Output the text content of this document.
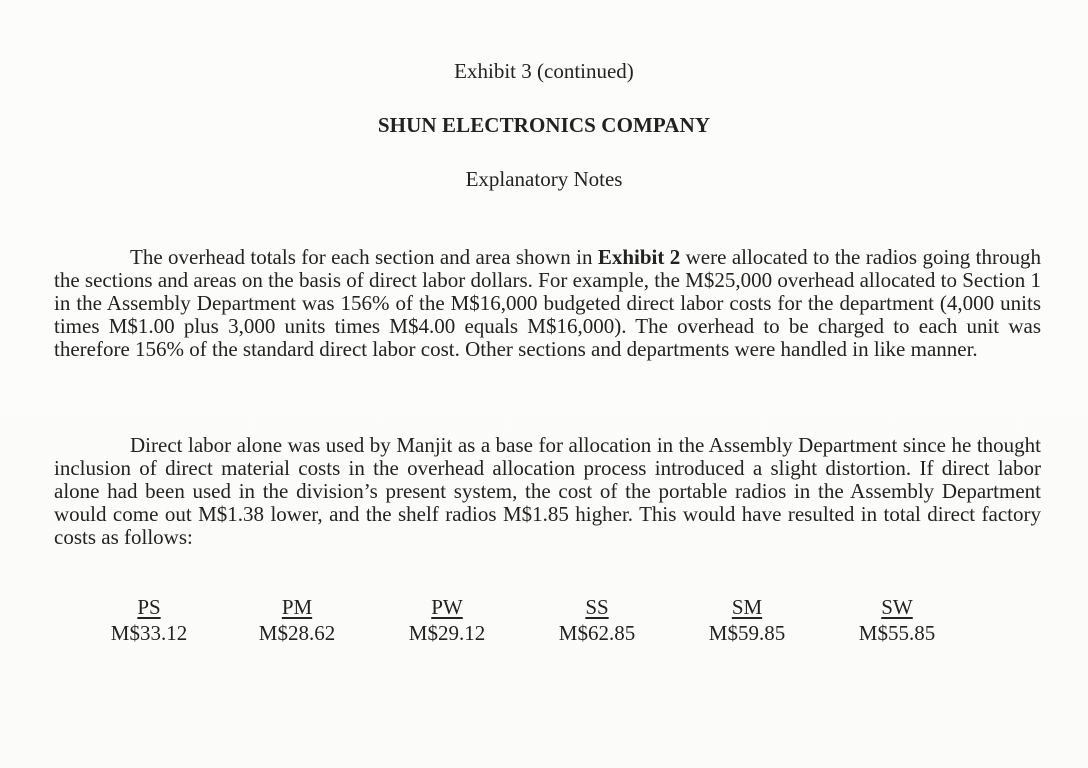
Exhibit 3 (continued)
SHUN ELECTRONICS COMPANY
Explanatory Notes

The overhead totals for each section and area shown in Exhibit 2 were allocated to the radios going through the sections and areas on the basis of direct labor dollars. For example, the M$25,000 overhead allocated to Section 1 in the Assembly Department was 156% of the M$16,000 budgeted direct labor costs for the department (4,000 units times M$1.00 plus 3,000 units times M$4.00 equals M$16,000). The overhead to be charged to each unit was therefore 156% of the standard direct labor cost. Other sections and departments were handled in like manner.

Direct labor alone was used by Manjit as a base for allocation in the Assembly Department since he thought inclusion of direct material costs in the overhead allocation process introduced a slight distortion. If direct labor alone had been used in the division’s present system, the cost of the portable radios in the Assembly Department would come out M$1.38 lower, and the shelf radios M$1.85 higher. This would have resulted in total direct factory costs as follows:

PS
M$33.12
PM
M$28.62
PW
M$29.12
SS
M$62.85
SM
M$59.85
SW
M$55.85
